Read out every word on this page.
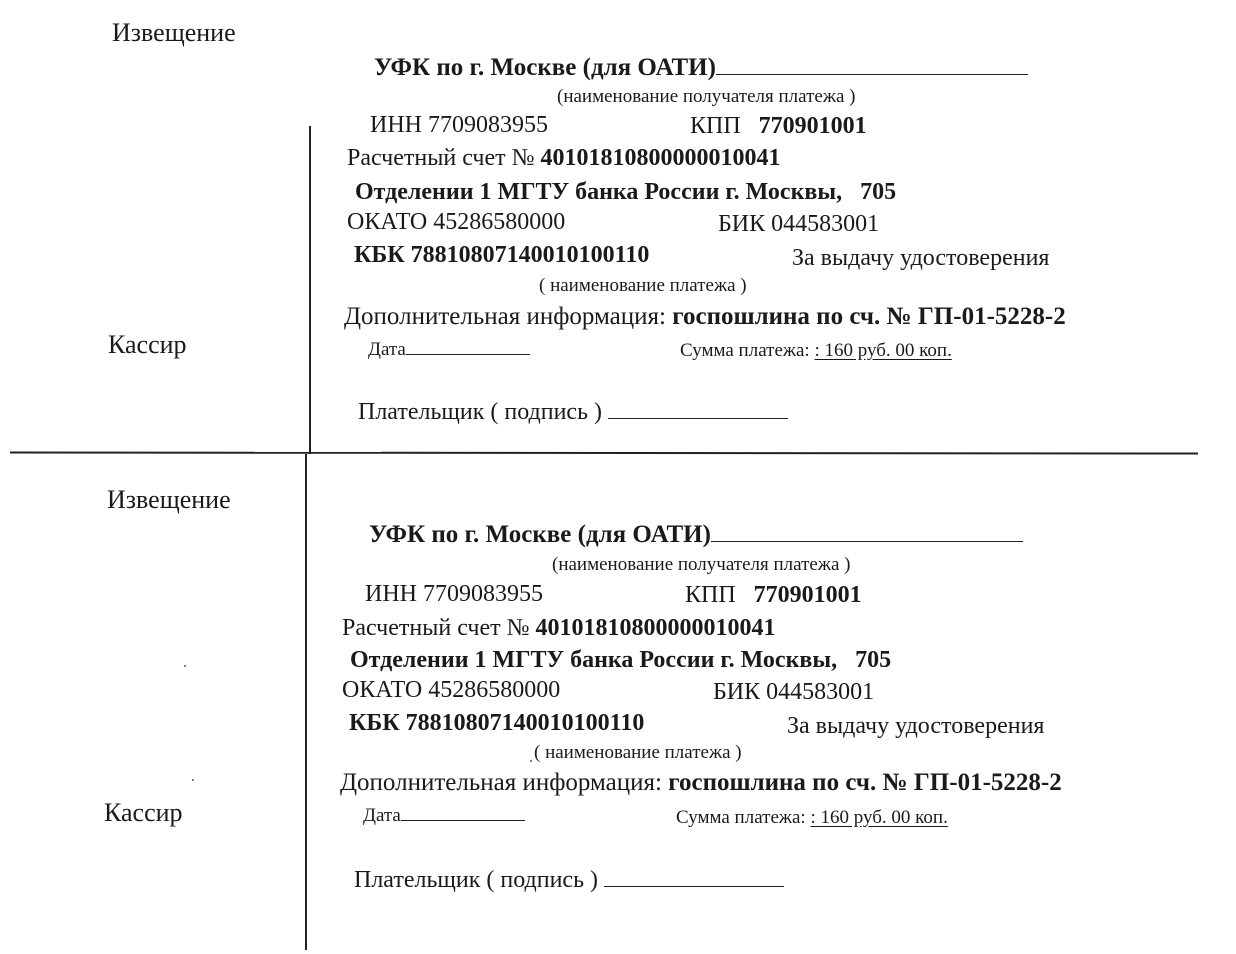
Извещение
Кассир
УФК по г. Москве (для ОАТИ)
(наименование получателя платежа )
ИНН 7709083955	КПП 770901001
Расчетный счет № 40101810800000010041
Отделении 1 МГТУ банка России г. Москвы, 705
ОКАТО 45286580000	БИК 044583001
КБК 78810807140010100110	За выдачу удостоверения
( наименование платежа )
Дополнительная информация: госпошлина по сч. № ГП-01-5228-2
Дата	Сумма платежа: : 160 руб. 00 коп.
Плательщик ( подпись )
Извещение
Кассир
УФК по г. Москве (для ОАТИ)
(наименование получателя платежа )
ИНН 7709083955	КПП 770901001
Расчетный счет № 40101810800000010041
Отделении 1 МГТУ банка России г. Москвы, 705
ОКАТО 45286580000	БИК 044583001
КБК 78810807140010100110	За выдачу удостоверения
( наименование платежа )
Дополнительная информация: госпошлина по сч. № ГП-01-5228-2
Дата	Сумма платежа: : 160 руб. 00 коп.
Плательщик ( подпись )
